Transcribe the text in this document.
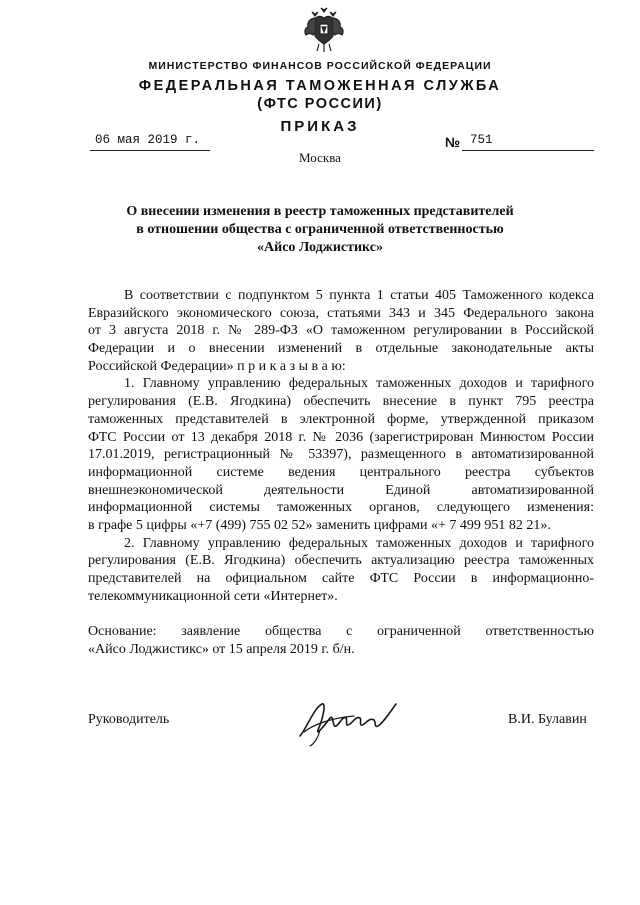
МИНИСТЕРСТВО ФИНАНСОВ РОССИЙСКОЙ ФЕДЕРАЦИИ
ФЕДЕРАЛЬНАЯ ТАМОЖЕННАЯ СЛУЖБА
(ФТС РОССИИ)
ПРИКАЗ
06 мая 2019 г.	№ 751
Москва
О внесении изменения в реестр таможенных представителей
в отношении общества с ограниченной ответственностью
«Айсо Лоджистикс»
В соответствии с подпунктом 5 пункта 1 статьи 405 Таможенного кодекса
Евразийского экономического союза, статьями 343 и 345 Федерального закона
от 3 августа 2018 г. № 289-ФЗ «О таможенном регулировании в Российской
Федерации и о внесении изменений в отдельные законодательные акты
Российской Федерации» п р и к а з ы в а ю:
1. Главному управлению федеральных таможенных доходов и тарифного
регулирования (Е.В. Ягодкина) обеспечить внесение в пункт 795 реестра
таможенных представителей в электронной форме, утвержденной приказом
ФТС России от 13 декабря 2018 г. № 2036 (зарегистрирован Минюстом России
17.01.2019, регистрационный № 53397), размещенного в автоматизированной
информационной системе ведения центрального реестра субъектов
внешнеэкономической деятельности Единой автоматизированной
информационной системы таможенных органов, следующего изменения:
в графе 5 цифры «+7 (499) 755 02 52» заменить цифрами «+ 7 499 951 82 21».
2. Главному управлению федеральных таможенных доходов и тарифного
регулирования (Е.В. Ягодкина) обеспечить актуализацию реестра таможенных
представителей на официальном сайте ФТС России в информационно-
телекоммуникационной сети «Интернет».
Основание: заявление общества с ограниченной ответственностью
«Айсо Лоджистикс» от 15 апреля 2019 г. б/н.
Руководитель	В.И. Булавин
